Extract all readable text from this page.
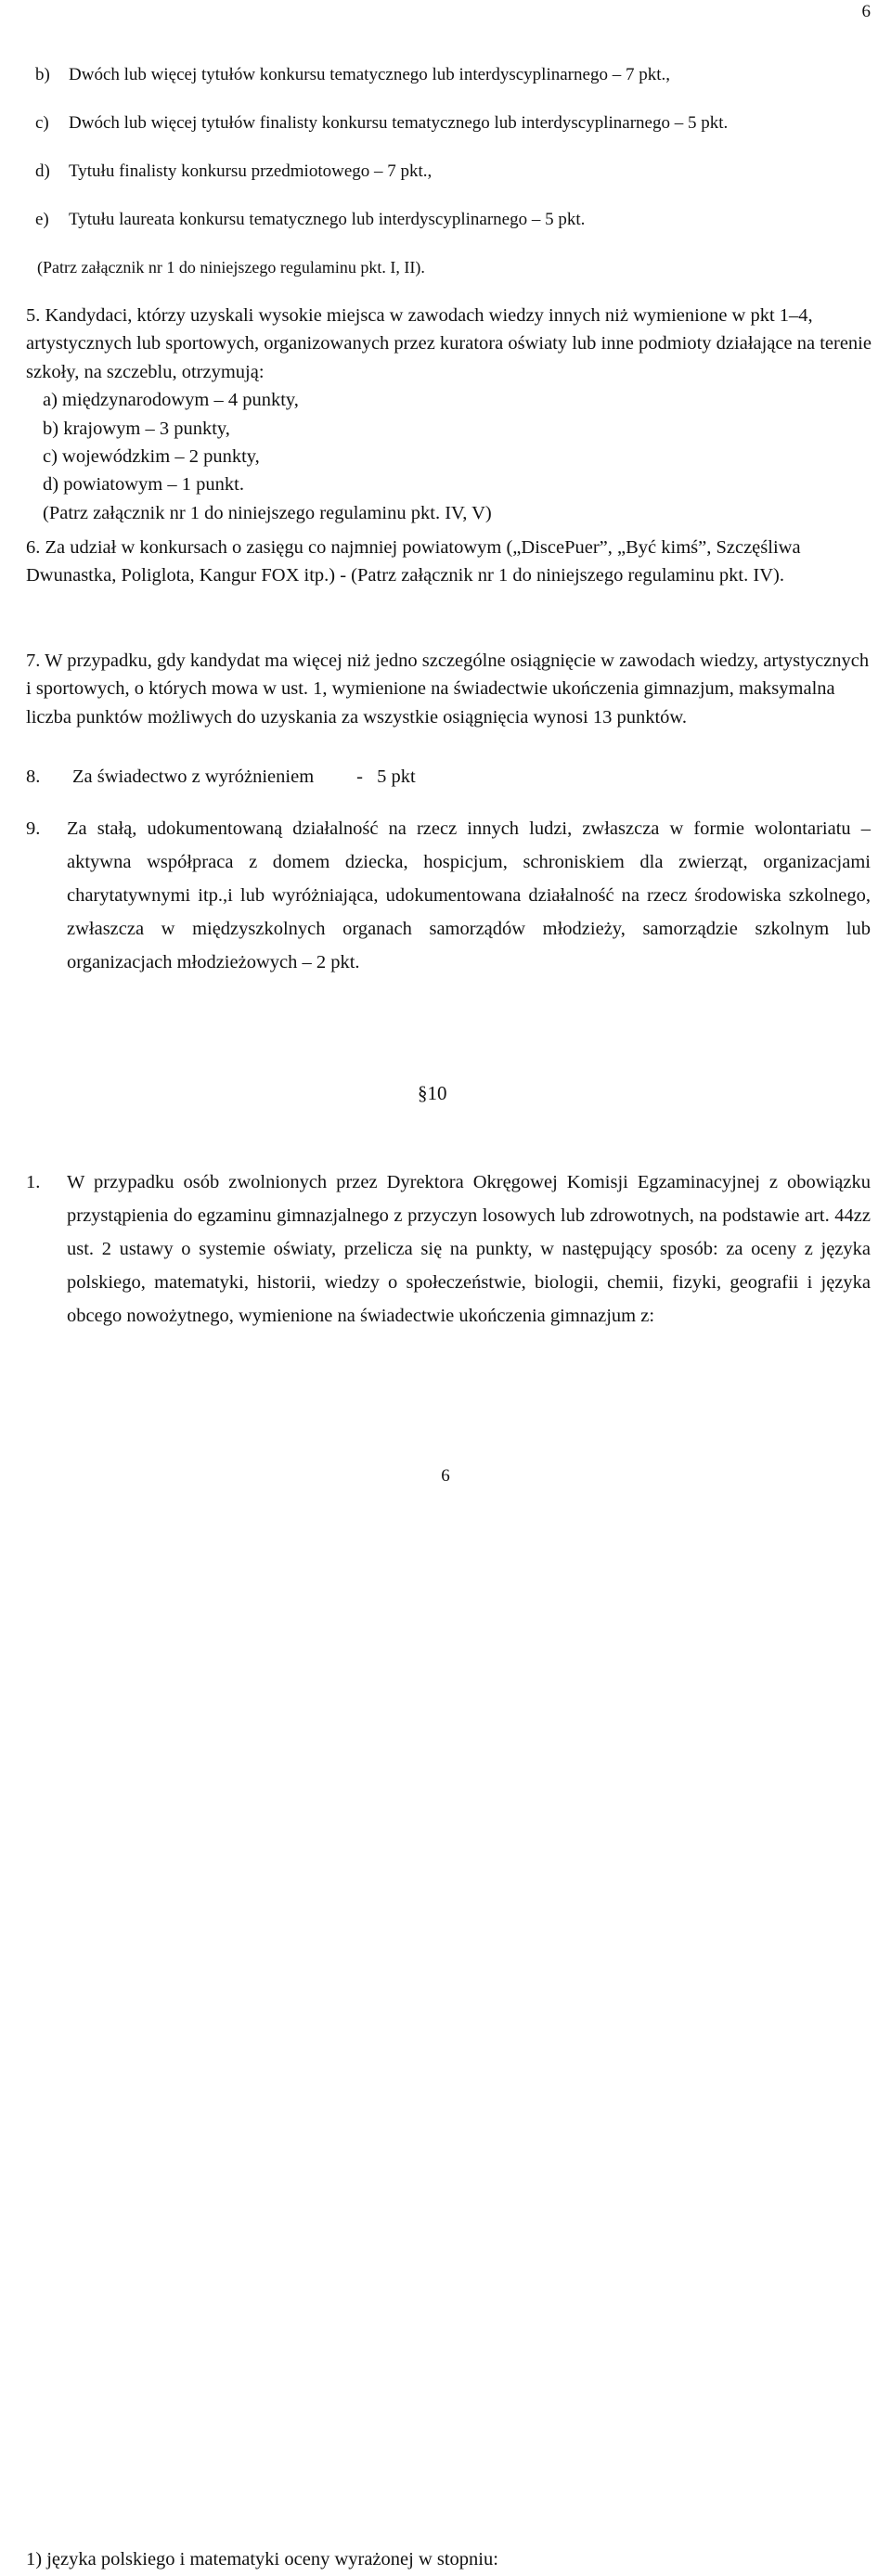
6
b)	Dwóch lub więcej tytułów konkursu tematycznego lub interdyscyplinarnego – 7 pkt.,
c)	Dwóch lub więcej tytułów finalisty konkursu tematycznego lub interdyscyplinarnego – 5 pkt.
d)	Tytułu finalisty konkursu przedmiotowego – 7 pkt.,
e)	Tytułu laureata konkursu tematycznego lub interdyscyplinarnego – 5 pkt.
(Patrz załącznik nr 1 do niniejszego regulaminu pkt. I, II).

5. Kandydaci, którzy uzyskali wysokie miejsca w zawodach wiedzy innych niż wymienione w pkt 1–4, artystycznych lub sportowych, organizowanych przez kuratora oświaty lub inne podmioty działające na terenie szkoły, na szczeblu, otrzymują:

a) międzynarodowym – 4 punkty,

b) krajowym – 3 punkty,

c) wojewódzkim – 2 punkty,

d) powiatowym – 1 punkt.

(Patrz załącznik nr 1 do niniejszego regulaminu pkt. IV, V)

6. Za udział w konkursach o zasięgu co najmniej powiatowym („DiscePuer”, „Być kimś”, Szczęśliwa Dwunastka, Poliglota, Kangur FOX itp.) - (Patrz załącznik nr 1 do niniejszego regulaminu pkt. IV).

7. W przypadku, gdy kandydat ma więcej niż jedno szczególne osiągnięcie w zawodach wiedzy, artystycznych i sportowych, o których mowa w ust. 1, wymienione na świadectwie ukończenia gimnazjum, maksymalna liczba punktów możliwych do uzyskania za wszystkie osiągnięcia wynosi 13 punktów.

8. Za świadectwo z wyróżnieniem - 5 pkt
9.	Za stałą, udokumentowaną działalność na rzecz innych ludzi, zwłaszcza w formie wolontariatu – aktywna współpraca z domem dziecka, hospicjum, schroniskiem dla zwierząt, organizacjami charytatywnymi itp.,i lub wyróżniająca, udokumentowana działalność na rzecz środowiska szkolnego, zwłaszcza w międzyszkolnych organach samorządów młodzieży, samorządzie szkolnym lub organizacjach młodzieżowych – 2 pkt.
§10
1.	W przypadku osób zwolnionych przez Dyrektora Okręgowej Komisji Egzaminacyjnej z obowiązku przystąpienia do egzaminu gimnazjalnego z przyczyn losowych lub zdrowotnych, na podstawie art. 44zz ust. 2 ustawy o systemie oświaty, przelicza się na punkty, w następujący sposób: za oceny z języka polskiego, matematyki, historii, wiedzy o społeczeństwie, biologii, chemii, fizyki, geografii i języka obcego nowożytnego, wymienione na świadectwie ukończenia gimnazjum z:
1) języka polskiego i matematyki oceny wyrażonej w stopniu:
6
